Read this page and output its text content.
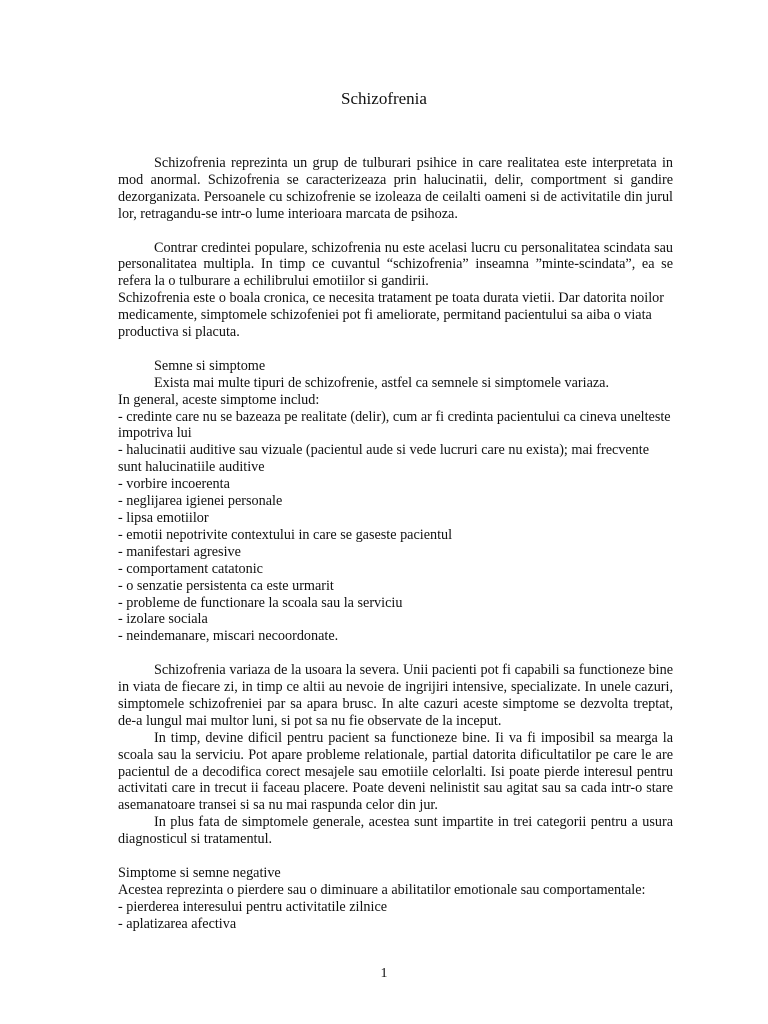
Schizofrenia

Schizofrenia reprezinta un grup de tulburari psihice in care realitatea este interpretata in mod anormal. Schizofrenia se caracterizeaza prin halucinatii, delir, comportment si gandire dezorganizata. Persoanele cu schizofrenie se izoleaza de ceilalti oameni si de activitatile din jurul lor, retragandu-se intr-o lume interioara marcata de psihoza.

Contrar credintei populare, schizofrenia nu este acelasi lucru cu personalitatea scindata sau personalitatea multipla. In timp ce cuvantul “schizofrenia” inseamna ”minte-scindata”, ea se refera la o tulburare a echilibrului emotiilor si gandirii.

Schizofrenia este o boala cronica, ce necesita tratament pe toata durata vietii. Dar datorita noilor medicamente, simptomele schizofeniei pot fi ameliorate, permitand pacientului sa aiba o viata productiva si placuta.

Semne si simptome

Exista mai multe tipuri de schizofrenie, astfel ca semnele si simptomele variaza.

In general, aceste simptome includ:

- credinte care nu se bazeaza pe realitate (delir), cum ar fi credinta pacientului ca cineva unelteste impotriva lui
- halucinatii auditive sau vizuale (pacientul aude si vede lucruri care nu exista); mai frecvente sunt halucinatiile auditive
- vorbire incoerenta
- neglijarea igienei personale
- lipsa emotiilor
- emotii nepotrivite contextului in care se gaseste pacientul
- manifestari agresive
- comportament catatonic
- o senzatie persistenta ca este urmarit
- probleme de functionare la scoala sau la serviciu
- izolare sociala
- neindemanare, miscari necoordonate.

Schizofrenia variaza de la usoara la severa. Unii pacienti pot fi capabili sa functioneze bine in viata de fiecare zi, in timp ce altii au nevoie de ingrijiri intensive, specializate. In unele cazuri, simptomele schizofreniei par sa apara brusc. In alte cazuri aceste simptome se dezvolta treptat, de-a lungul mai multor luni, si pot sa nu fie observate de la inceput.

In timp, devine dificil pentru pacient sa functioneze bine. Ii va fi imposibil sa mearga la scoala sau la serviciu. Pot apare probleme relationale, partial datorita dificultatilor pe care le are pacientul de a decodifica corect mesajele sau emotiile celorlalti. Isi poate pierde interesul pentru activitati care in trecut ii faceau placere. Poate deveni nelinistit sau agitat sau sa cada intr-o stare asemanatoare transei si sa nu mai raspunda celor din jur.

In plus fata de simptomele generale, acestea sunt impartite in trei categorii pentru a usura diagnosticul si tratamentul.

Simptome si semne negative

Acestea reprezinta o pierdere sau o diminuare a abilitatilor emotionale sau comportamentale:

- pierderea interesului pentru activitatile zilnice
- aplatizarea afectiva
1
